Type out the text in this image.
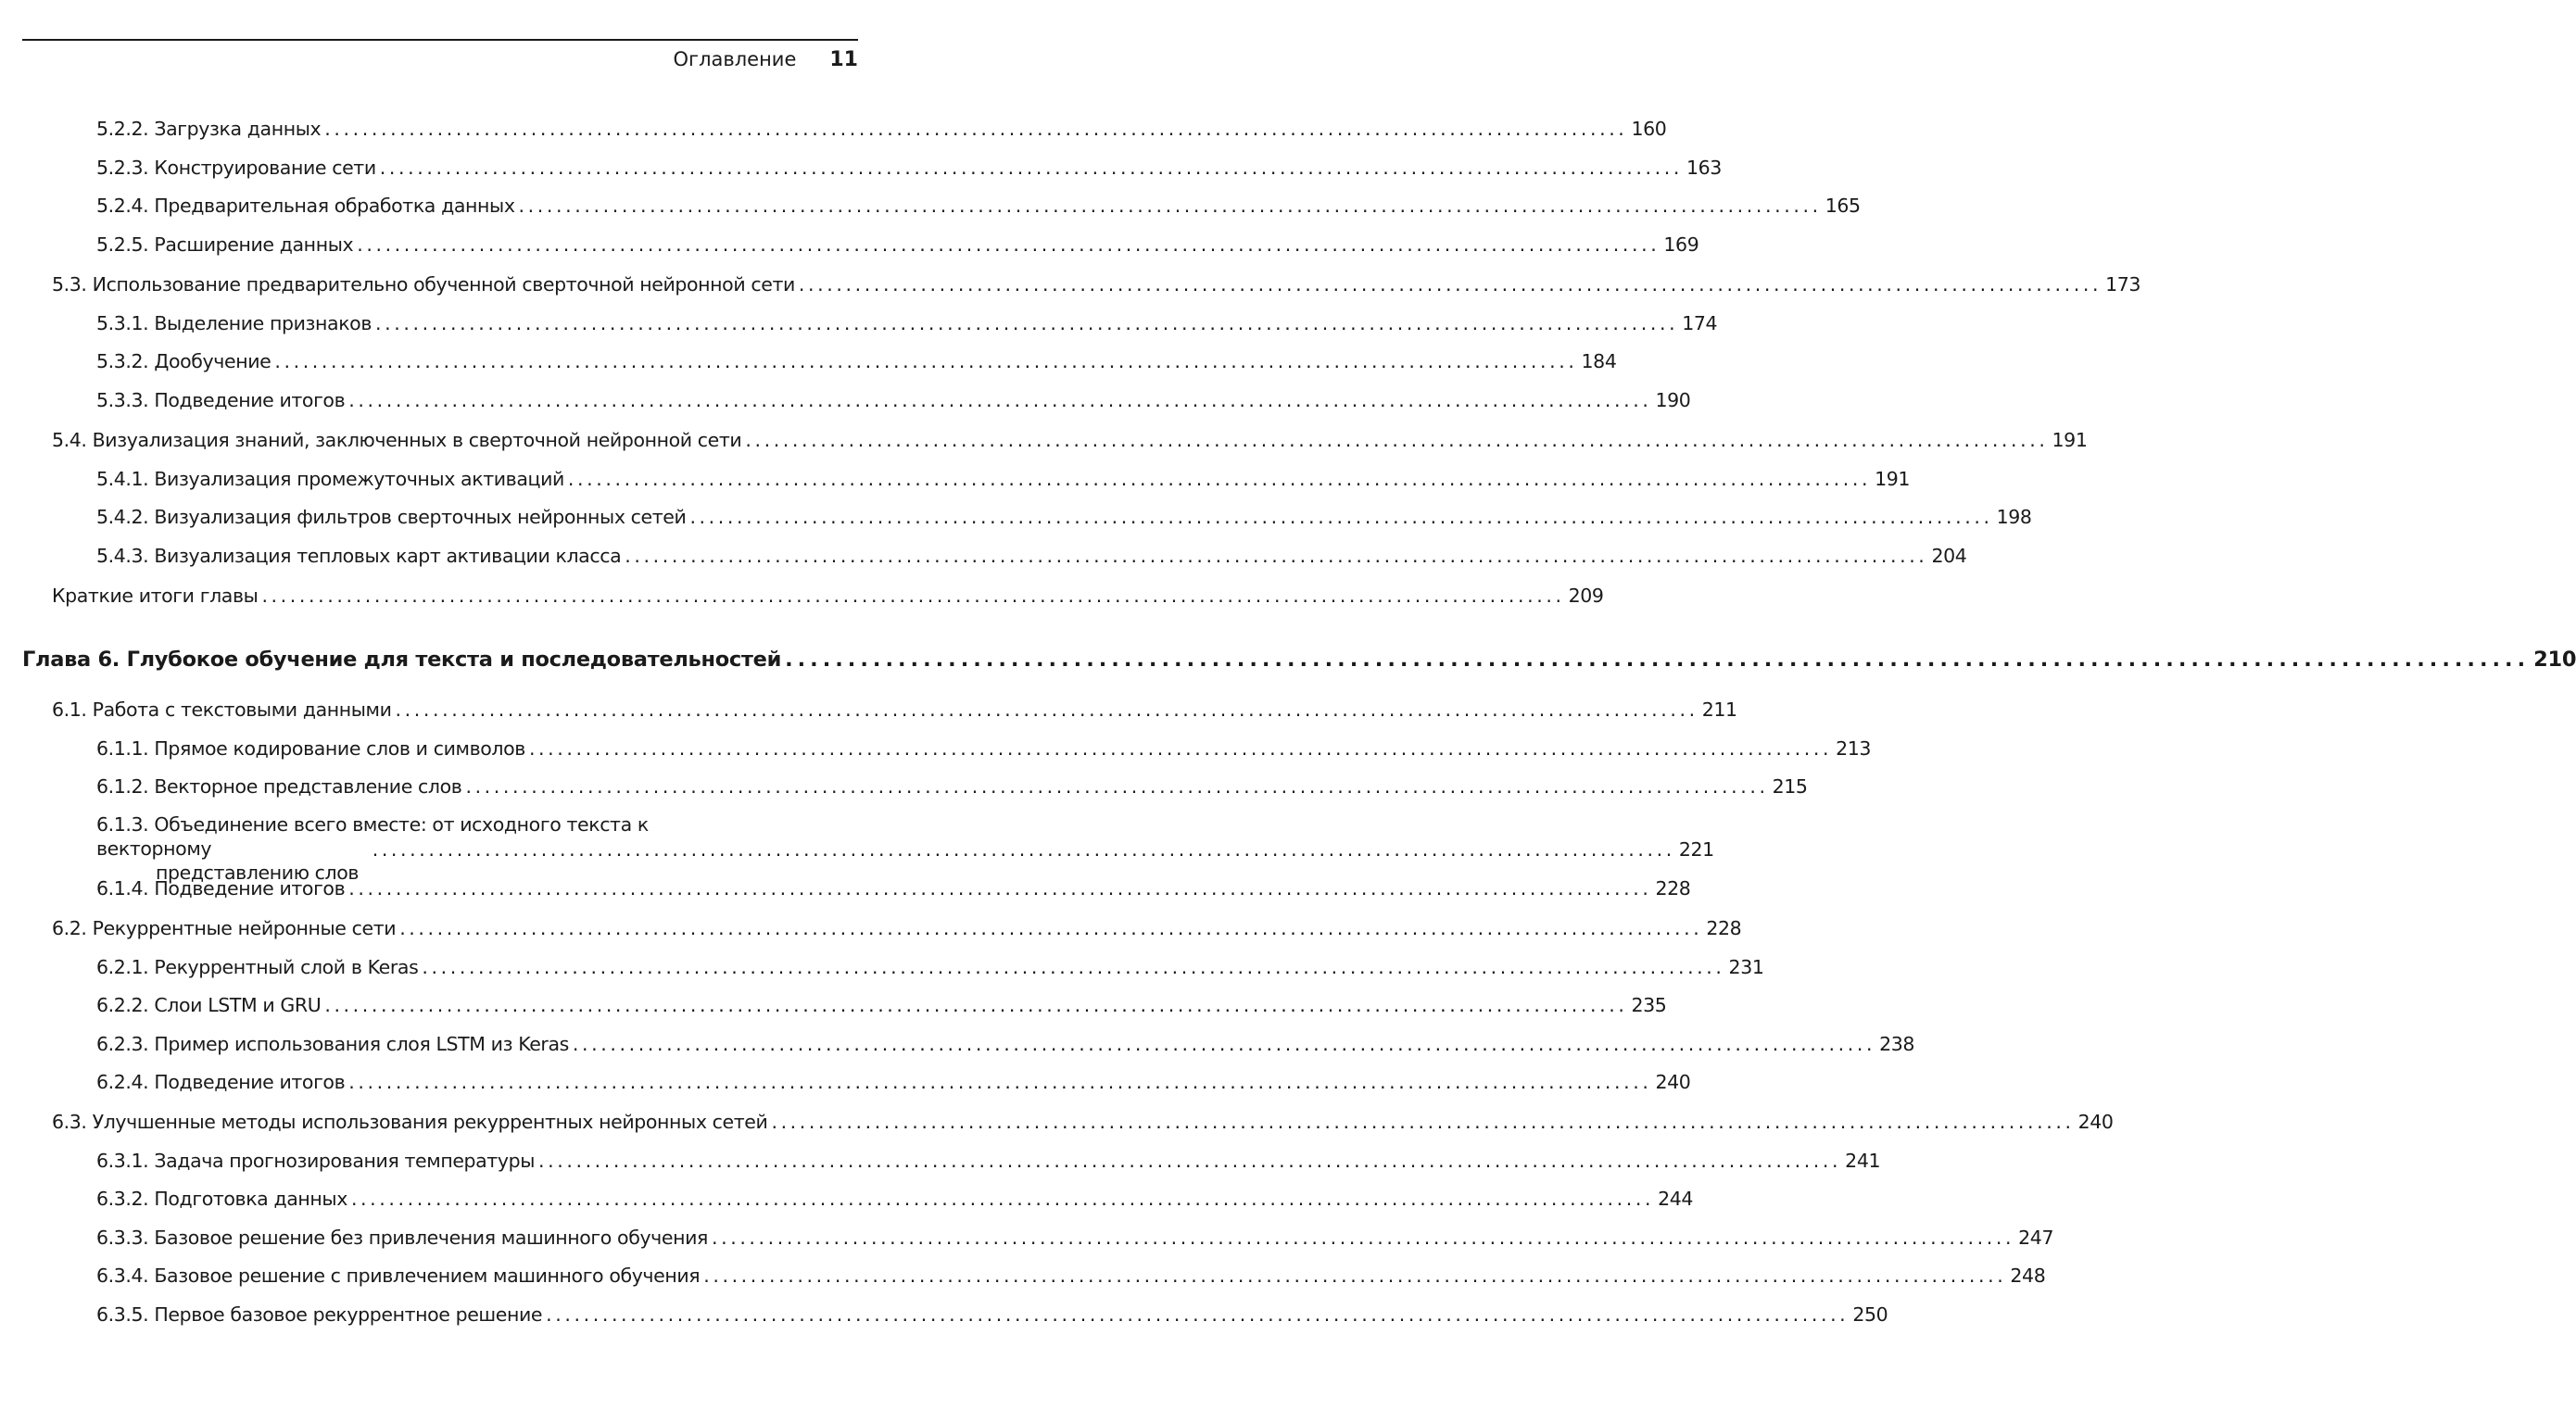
Оглавление 11
5.2.2. Загрузка данных ........................................................................................................................................... 160
5.2.3. Конструирование сети ........................................................................................................................................... 163
5.2.4. Предварительная обработка данных ........................................................................................................................................... 165
5.2.5. Расширение данных ........................................................................................................................................... 169
5.3. Использование предварительно обученной сверточной нейронной сети ........................................................................................................................................... 173
5.3.1. Выделение признаков ........................................................................................................................................... 174
5.3.2. Дообучение ........................................................................................................................................... 184
5.3.3. Подведение итогов ........................................................................................................................................... 190
5.4. Визуализация знаний, заключенных в сверточной нейронной сети ........................................................................................................................................... 191
5.4.1. Визуализация промежуточных активаций ........................................................................................................................................... 191
5.4.2. Визуализация фильтров сверточных нейронных сетей ........................................................................................................................................... 198
5.4.3. Визуализация тепловых карт активации класса ........................................................................................................................................... 204
Краткие итоги главы ........................................................................................................................................... 209
Глава 6. Глубокое обучение для текста и последовательностей ........................................................................................................................................... 210
6.1. Работа с текстовыми данными ........................................................................................................................................... 211
6.1.1. Прямое кодирование слов и символов ........................................................................................................................................... 213
6.1.2. Векторное представление слов ........................................................................................................................................... 215
6.1.3. Объединение всего вместе: от исходного текста к векторному
представлению слов
........................................................................................................................................... 221
6.1.4. Подведение итогов ........................................................................................................................................... 228
6.2. Рекуррентные нейронные сети ........................................................................................................................................... 228
6.2.1. Рекуррентный слой в Keras ........................................................................................................................................... 231
6.2.2. Слои LSTM и GRU ........................................................................................................................................... 235
6.2.3. Пример использования слоя LSTM из Keras ........................................................................................................................................... 238
6.2.4. Подведение итогов ........................................................................................................................................... 240
6.3. Улучшенные методы использования рекуррентных нейронных сетей ........................................................................................................................................... 240
6.3.1. Задача прогнозирования температуры ........................................................................................................................................... 241
6.3.2. Подготовка данных ........................................................................................................................................... 244
6.3.3. Базовое решение без привлечения машинного обучения ........................................................................................................................................... 247
6.3.4. Базовое решение с привлечением машинного обучения ........................................................................................................................................... 248
6.3.5. Первое базовое рекуррентное решение ........................................................................................................................................... 250
